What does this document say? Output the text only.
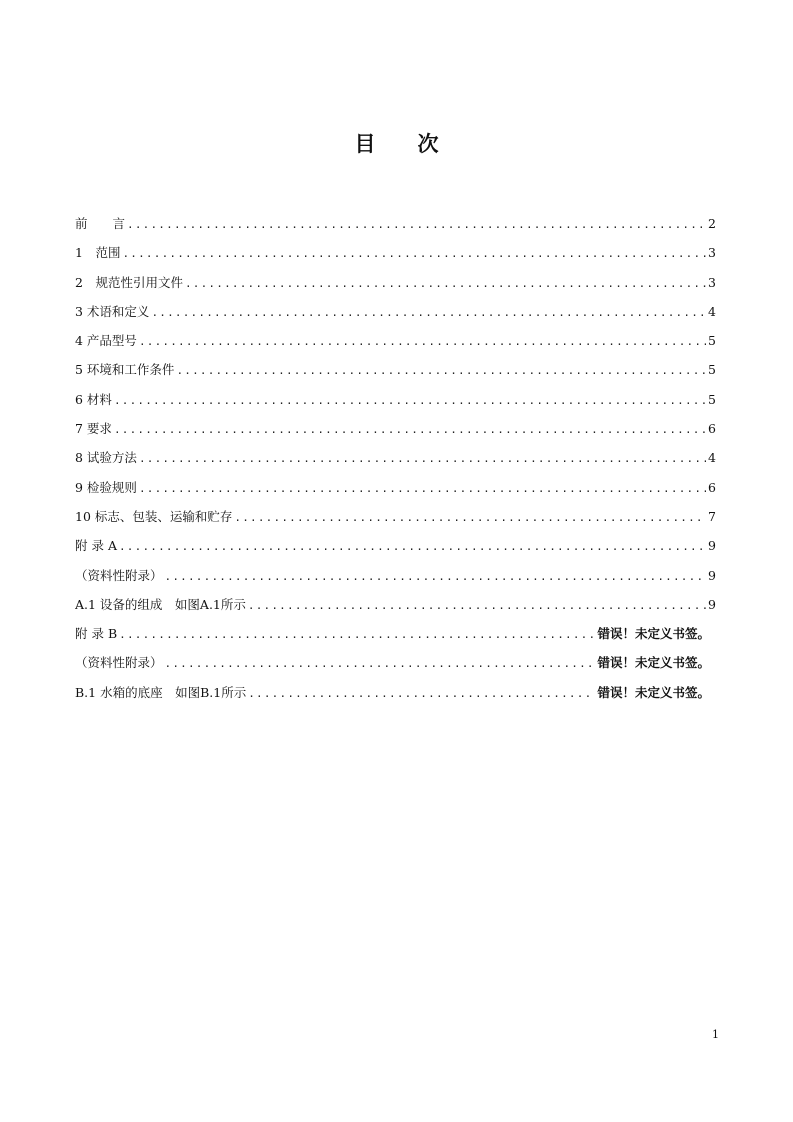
目　　次
前　　言 .....	2
1　范围 .....	3
2　规范性引用文件 .....	3
3 术语和定义 .....	4
4 产品型号 .....	5
5 环境和工作条件 .....	5
6 材料 .....	5
7 要求 .....	6
8 试验方法 .....	4
9 检验规则 .....	6
10 标志、包装、运输和贮存 .....	7
附 录 A .....	9
（资料性附录） .....	9
A.1 设备的组成　如图A.1所示 .....	9
附 录 B .....	错误！未定义书签。
（资料性附录） .....	错误！未定义书签。
B.1 水箱的底座　如图B.1所示 .....	错误！未定义书签。
1
